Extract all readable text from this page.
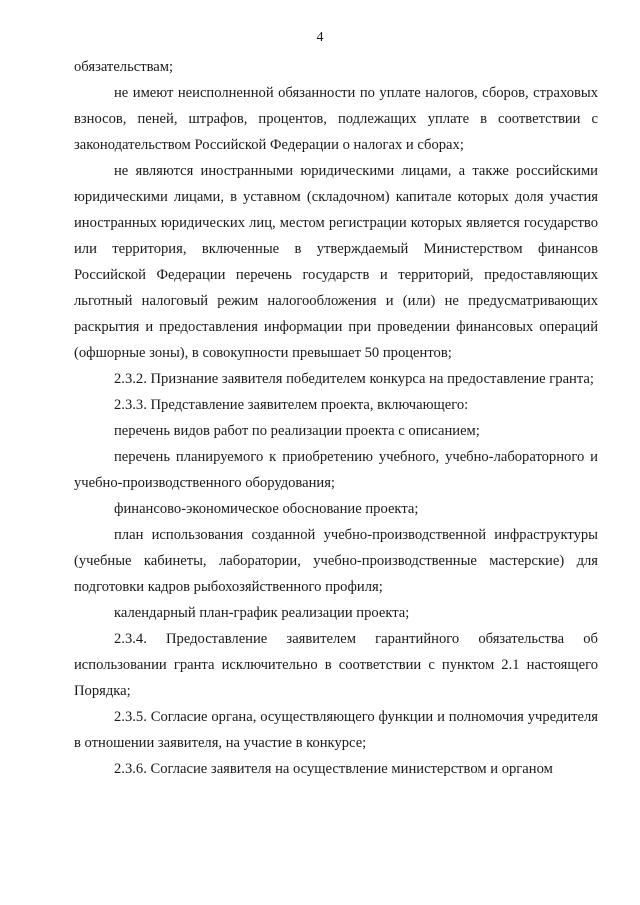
4

обязательствам;

не имеют неисполненной обязанности по уплате налогов, сборов, страховых взносов, пеней, штрафов, процентов, подлежащих уплате в соответствии с законодательством Российской Федерации о налогах и сборах;

не являются иностранными юридическими лицами, а также российскими юридическими лицами, в уставном (складочном) капитале которых доля участия иностранных юридических лиц, местом регистрации которых является государство или территория, включенные в утверждаемый Министерством финансов Российской Федерации перечень государств и территорий, предоставляющих льготный налоговый режим налогообложения и (или) не предусматривающих раскрытия и предоставления информации при проведении финансовых операций (офшорные зоны), в совокупности превышает 50 процентов;

2.3.2. Признание заявителя победителем конкурса на предоставление гранта;

2.3.3. Представление заявителем проекта, включающего:

перечень видов работ по реализации проекта с описанием;

перечень планируемого к приобретению учебного, учебно-лабораторного и учебно-производственного оборудования;

финансово-экономическое обоснование проекта;

план использования созданной учебно-производственной инфраструктуры (учебные кабинеты, лаборатории, учебно-производственные мастерские) для подготовки кадров рыбохозяйственного профиля;

календарный план-график реализации проекта;

2.3.4. Предоставление заявителем гарантийного обязательства об использовании гранта исключительно в соответствии с пунктом 2.1 настоящего Порядка;

2.3.5. Согласие органа, осуществляющего функции и полномочия учредителя в отношении заявителя, на участие в конкурсе;

2.3.6. Согласие заявителя на осуществление министерством и органом
